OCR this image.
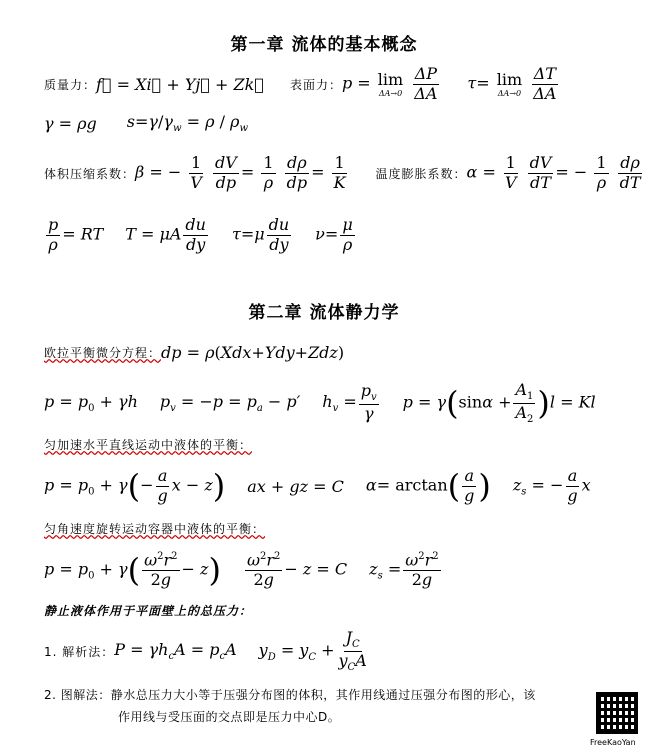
第一章 流体的基本概念
质量力： f⃗ = Xi⃗ + Yj⃗ + Zk⃗ 表面力： p = lim
ΔA→0
$\frac{\Delta P}{\Delta A} \tau= \lim$
ΔA→0
$\frac{\Delta T}{\Delta A}$
γ = ρg $s=\gamma/\gamma_w = \rho / \rho_w$
体积压缩系数： β = − $\frac{1}{V}$
$\frac{dV}{dp} = \frac{1}{\rho}$
$\frac{d\rho}{dp} = \frac{1}{K}$ 温度膨胀系数： $\alpha = \frac{1}{V}$
$\frac{dV}{dT}$ = − $\frac{1}{\rho}$
$\frac{d\rho}{dT}$
$\frac{p}{\rho}$ = RT T = μA $\frac{du}{dy} \tau=\mu \frac{du}{dy} \nu= \frac{\mu}{\rho}$
第二章 流体静力学
欧拉平衡微分方程： dp = ρ(Xdx+Ydy+Zdz)
$p = p_0 + \gamma h$ $p_v = -p = p_a - p'$ $h_v = \frac{p_v}{\gamma}$ $p = \gamma(\sin\alpha + \frac{A_1}{A_2} )l = Kl$
匀加速水平直线运动中液体的平衡：
$p = p_0 + \gamma(- \frac{a}{g}$ x − z) ax + gz = C $\alpha= \arctan( \frac{a}{g}$ ) $z_s$ = − $\frac{a}{g}$ x
匀角速度旋转运动容器中液体的平衡：
$p = p_0 + \gamma( \frac{\omega^2r^2}{2g} - z) \frac{\omega^2r^2}{2g} - z = C$ $z_s = \frac{\omega^2r^2}{2g}$
静止液体作用于平面壁上的总压力：
1. 解析法： $P = \gamma h_cA = p_cA$ $y_D = y_C + \frac{J_C}{y_CA}$
2. 图解法：静水总压力大小等于压强分布图的体积，其作用线通过压强分布图的形心，该
作用线与受压面的交点即是压力中心D。
FreeKaoYan
